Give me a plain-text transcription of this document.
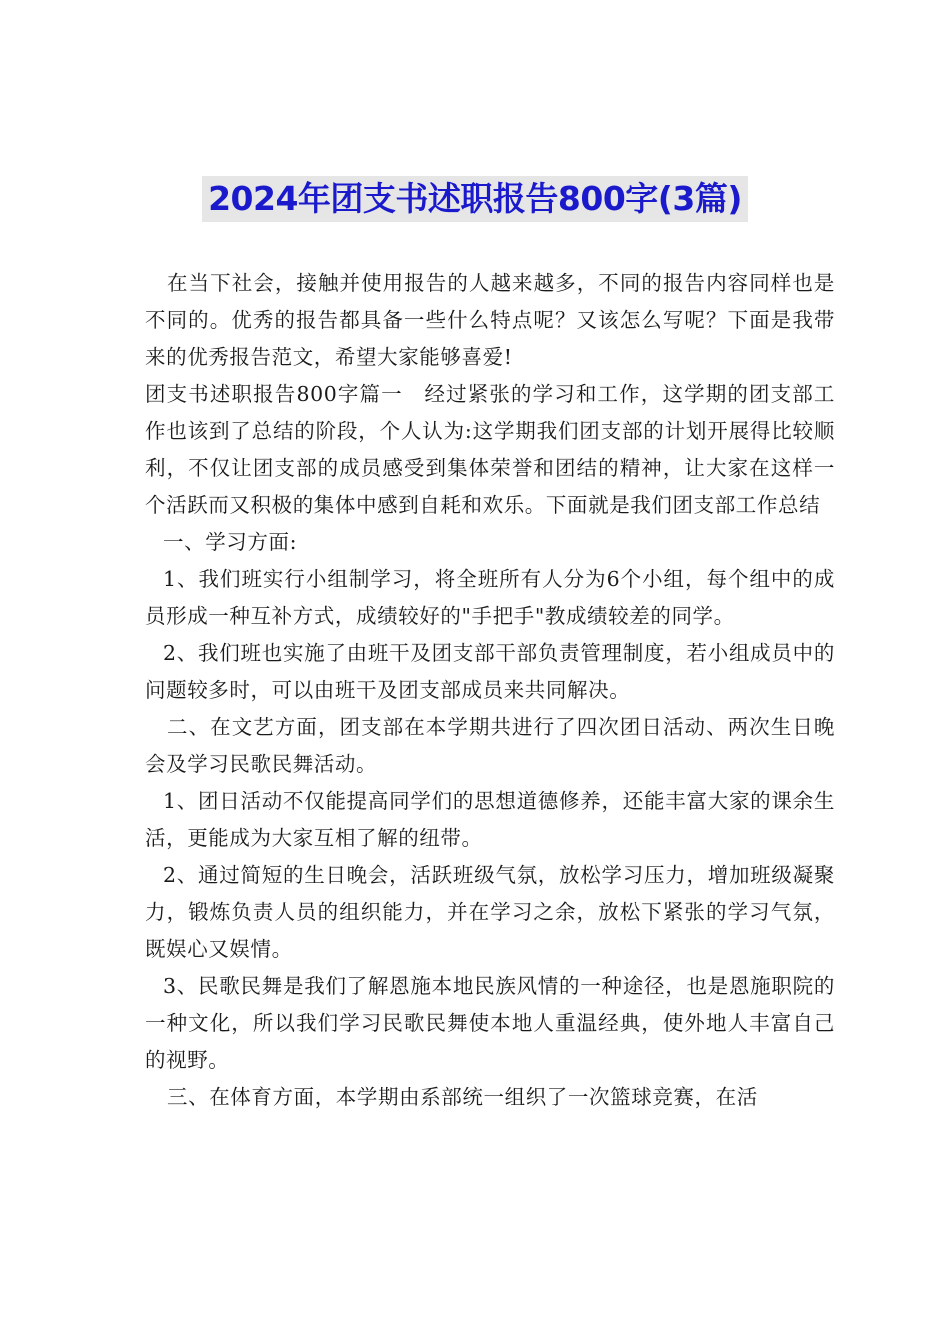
2024年团支书述职报告800字(3篇)

在当下社会，接触并使用报告的人越来越多，不同的报告内容同样也是不同的。优秀的报告都具备一些什么特点呢？又该怎么写呢？下面是我带来的优秀报告范文，希望大家能够喜爱!

团支书述职报告800字篇一　经过紧张的学习和工作，这学期的团支部工作也该到了总结的阶段，个人认为:这学期我们团支部的计划开展得比较顺利，不仅让团支部的成员感受到集体荣誉和团结的精神，让大家在这样一个活跃而又积极的集体中感到自耗和欢乐。下面就是我们团支部工作总结

一、学习方面:

1、我们班实行小组制学习，将全班所有人分为6个小组，每个组中的成员形成一种互补方式，成绩较好的"手把手"教成绩较差的同学。

2、我们班也实施了由班干及团支部干部负责管理制度，若小组成员中的问题较多时，可以由班干及团支部成员来共同解决。

二、在文艺方面，团支部在本学期共进行了四次团日活动、两次生日晚会及学习民歌民舞活动。

1、团日活动不仅能提高同学们的思想道德修养，还能丰富大家的课余生活，更能成为大家互相了解的纽带。

2、通过简短的生日晚会，活跃班级气氛，放松学习压力，增加班级凝聚力，锻炼负责人员的组织能力，并在学习之余，放松下紧张的学习气氛，既娱心又娱情。

3、民歌民舞是我们了解恩施本地民族风情的一种途径，也是恩施职院的一种文化，所以我们学习民歌民舞使本地人重温经典，使外地人丰富自己的视野。

三、在体育方面，本学期由系部统一组织了一次篮球竞赛，在活
